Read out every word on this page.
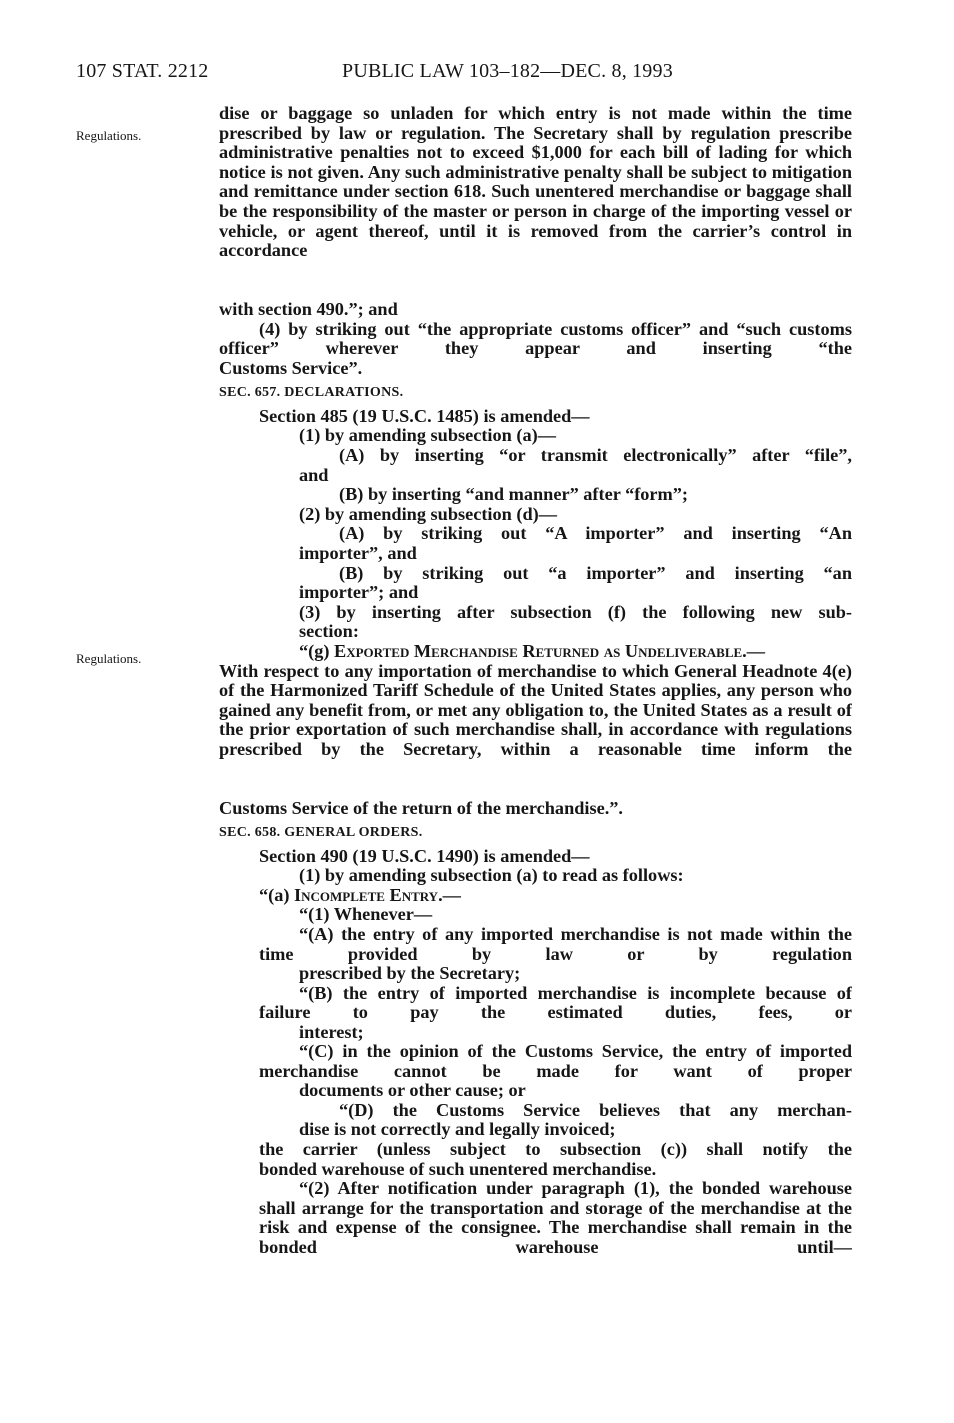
107 STAT. 2212	PUBLIC LAW 103–182—DEC. 8, 1993
Regulations.
Regulations.

dise or baggage so unladen for which entry is not made within the time prescribed by law or regulation. The Secretary shall by regulation prescribe administrative penalties not to exceed $1,000 for each bill of lading for which notice is not given. Any such administrative penalty shall be subject to mitigation and remittance under section 618. Such unentered merchandise or baggage shall be the responsibility of the master or person in charge of the importing vessel or vehicle, or agent thereof, until it is removed from the carrier’s control in accordance

with section 490.”; and

(4) by striking out “the appropriate customs officer” and “such customs officer” wherever they appear and inserting “the

Customs Service”.

SEC. 657. DECLARATIONS.

Section 485 (19 U.S.C. 1485) is amended—

(1) by amending subsection (a)—

(A) by inserting “or transmit electronically” after “file”,

and

(B) by inserting “and manner” after “form”;

(2) by amending subsection (d)—

(A) by striking out “A importer” and inserting “An

importer”, and

(B) by striking out “a importer” and inserting “an

importer”; and

(3) by inserting after subsection (f) the following new sub-

section:

“(g) Exported Merchandise Returned as Undeliverable.—

With respect to any importation of merchandise to which General Headnote 4(e) of the Harmonized Tariff Schedule of the United States applies, any person who gained any benefit from, or met any obligation to, the United States as a result of the prior exportation of such merchandise shall, in accordance with regulations prescribed by the Secretary, within a reasonable time inform the

Customs Service of the return of the merchandise.”.

SEC. 658. GENERAL ORDERS.

Section 490 (19 U.S.C. 1490) is amended—

(1) by amending subsection (a) to read as follows:

“(a) Incomplete Entry.—

“(1) Whenever—

“(A) the entry of any imported merchandise is not made within the time provided by law or by regulation

prescribed by the Secretary;

“(B) the entry of imported merchandise is incomplete because of failure to pay the estimated duties, fees, or

interest;

“(C) in the opinion of the Customs Service, the entry of imported merchandise cannot be made for want of proper

documents or other cause; or

“(D) the Customs Service believes that any merchan-

dise is not correctly and legally invoiced;

the carrier (unless subject to subsection (c)) shall notify the

bonded warehouse of such unentered merchandise.

“(2) After notification under paragraph (1), the bonded warehouse shall arrange for the transportation and storage of the merchandise at the risk and expense of the consignee. The merchandise shall remain in the bonded warehouse until—
